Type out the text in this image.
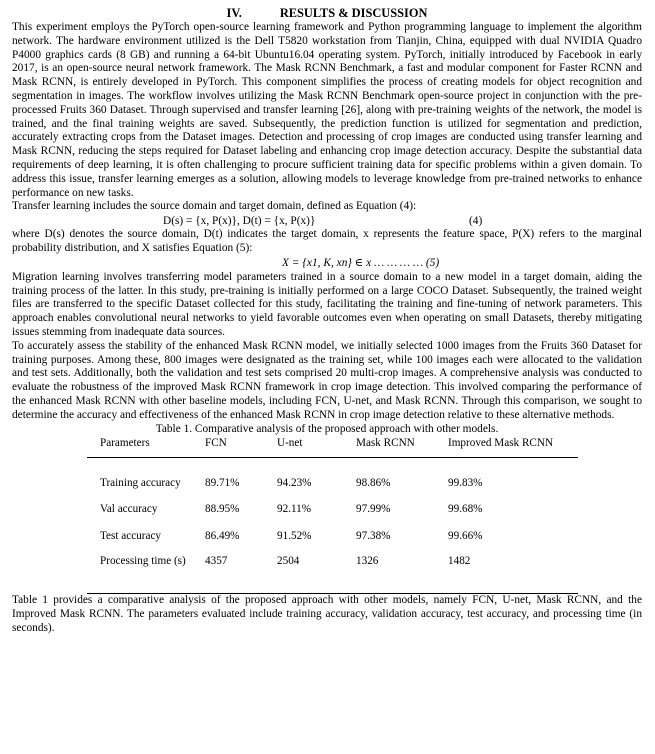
IV.	RESULTS & DISCUSSION

This experiment employs the PyTorch open-source learning framework and Python programming language to implement the algorithm network. The hardware environment utilized is the Dell T5820 workstation from Tianjin, China, equipped with dual NVIDIA Quadro P4000 graphics cards (8 GB) and running a 64-bit Ubuntu16.04 operating system. PyTorch, initially introduced by Facebook in early 2017, is an open-source neural network framework. The Mask RCNN Benchmark, a fast and modular component for Faster RCNN and Mask RCNN, is entirely developed in PyTorch. This component simplifies the process of creating models for object recognition and segmentation in images. The workflow involves utilizing the Mask RCNN Benchmark open-source project in conjunction with the pre-processed Fruits 360 Dataset. Through supervised and transfer learning [26], along with pre-training weights of the network, the model is trained, and the final training weights are saved. Subsequently, the prediction function is utilized for segmentation and prediction, accurately extracting crops from the Dataset images. Detection and processing of crop images are conducted using transfer learning and Mask RCNN, reducing the steps required for Dataset labeling and enhancing crop image detection accuracy. Despite the substantial data requirements of deep learning, it is often challenging to procure sufficient training data for specific problems within a given domain. To address this issue, transfer learning emerges as a solution, allowing models to leverage knowledge from pre-trained networks to enhance performance on new tasks.

Transfer learning includes the source domain and target domain, defined as Equation (4):

D(s) = {x, P(x)}, D(t) = {x, P(x)}	(4)

where D(s) denotes the source domain, D(t) indicates the target domain, x represents the feature space, P(X) refers to the marginal probability distribution, and X satisfies Equation (5):

X = {x1, K, xn} ∈ x … … … … (5)

Migration learning involves transferring model parameters trained in a source domain to a new model in a target domain, aiding the training process of the latter. In this study, pre-training is initially performed on a large COCO Dataset. Subsequently, the trained weight files are transferred to the specific Dataset collected for this study, facilitating the training and fine-tuning of network parameters. This approach enables convolutional neural networks to yield favorable outcomes even when operating on small Datasets, thereby mitigating issues stemming from inadequate data sources.

To accurately assess the stability of the enhanced Mask RCNN model, we initially selected 1000 images from the Fruits 360 Dataset for training purposes. Among these, 800 images were designated as the training set, while 100 images each were allocated to the validation and test sets. Additionally, both the validation and test sets comprised 20 multi-crop images. A comprehensive analysis was conducted to evaluate the robustness of the improved Mask RCNN framework in crop image detection. This involved comparing the performance of the enhanced Mask RCNN with other baseline models, including FCN, U-net, and Mask RCNN. Through this comparison, we sought to determine the accuracy and effectiveness of the enhanced Mask RCNN in crop image detection relative to these alternative methods.

Table 1. Comparative analysis of the proposed approach with other models.
Parameters	FCN	U-net	Mask RCNN	Improved Mask RCNN
Training accuracy	89.71%	94.23%	98.86%	99.83%
Val accuracy	88.95%	92.11%	97.99%	99.68%
Test accuracy	86.49%	91.52%	97.38%	99.66%
Processing time (s)	4357	2504	1326	1482

Table 1 provides a comparative analysis of the proposed approach with other models, namely FCN, U-net, Mask RCNN, and the Improved Mask RCNN. The parameters evaluated include training accuracy, validation accuracy, test accuracy, and processing time (in seconds).
